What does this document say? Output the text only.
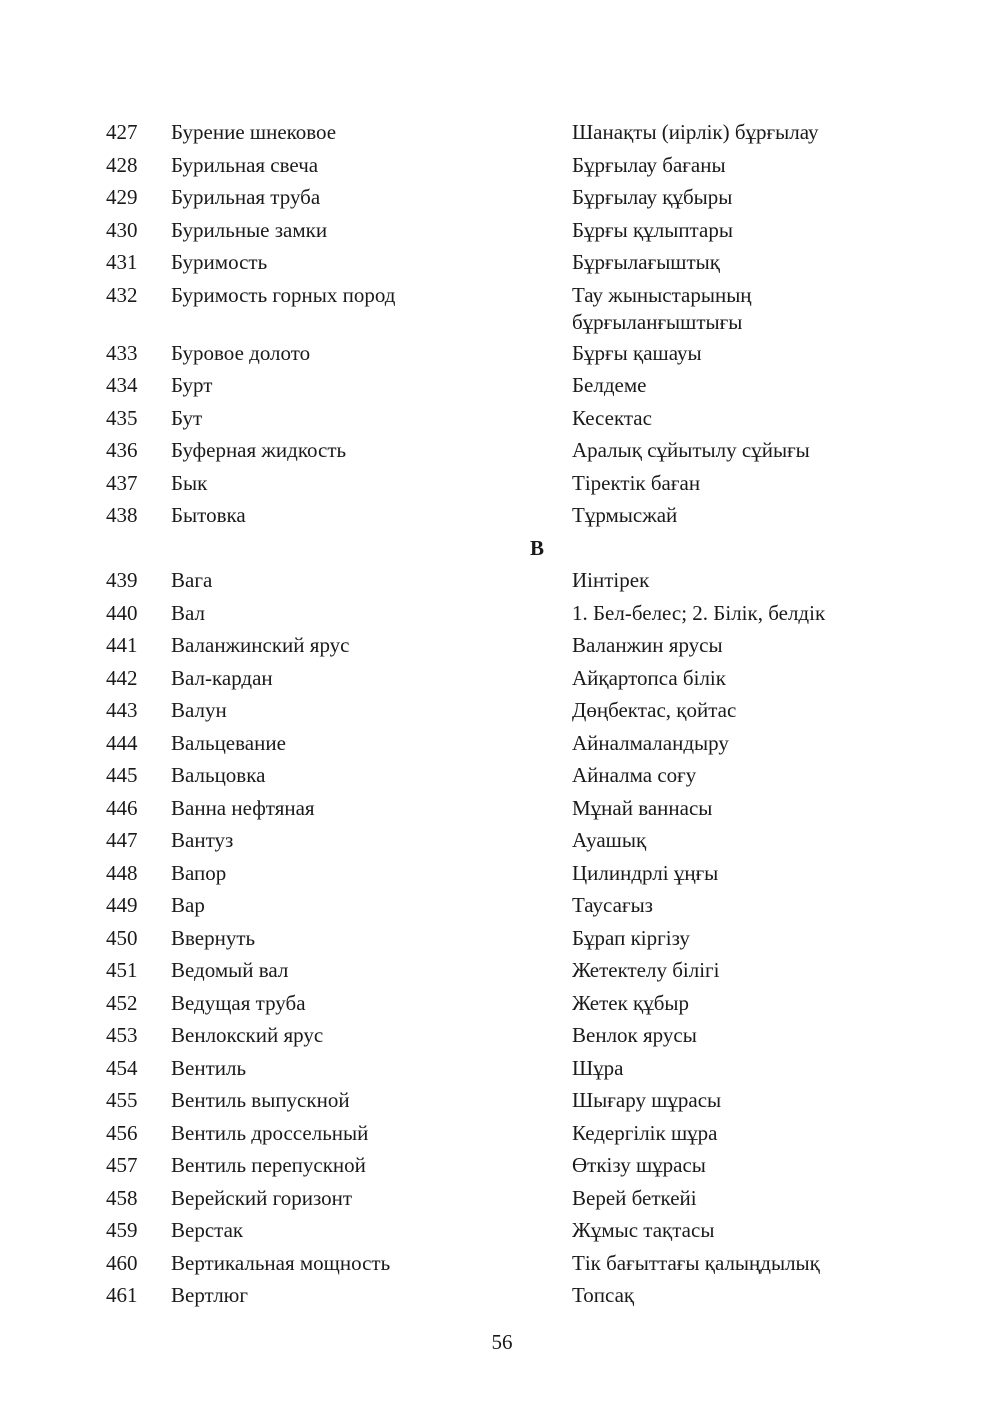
427 Бурение шнековое	Шанақты (иірлік) бұрғылау
428 Бурильная свеча	Бұрғылау бағаны
429 Бурильная труба	Бұрғылау құбыры
430 Бурильные замки	Бұрғы құлыптары
431 Буримость	Бұрғылағыштық
432 Буримость горных пород	Тау жыныстарының
бұрғыланғыштығы
433 Буровое долото	Бұрғы қашауы
434 Бурт	Белдеме
435 Бут	Кесектас
436 Буферная жидкость	Аралық сұйытылу сұйығы
437 Бык	Тіректік баған
438 Бытовка	Тұрмысжай
В
439 Вага	Иінтірек
440 Вал	1. Бел-белес; 2. Білік, белдік
441 Валанжинский ярус	Валанжин ярусы
442 Вал-кардан	Айқартопса білік
443 Валун	Дөңбектас, қойтас
444 Вальцевание	Айналмаландыру
445 Вальцовка	Айналма соғу
446 Ванна нефтяная	Мұнай ваннасы
447 Вантуз	Ауашық
448 Вапор	Цилиндрлі ұңғы
449 Вар	Таусағыз
450 Ввернуть	Бұрап кіргізу
451 Ведомый вал	Жетектелу білігі
452 Ведущая труба	Жетек құбыр
453 Венлокский ярус	Венлок ярусы
454 Вентиль	Шұра
455 Вентиль выпускной	Шығару шұрасы
456 Вентиль дроссельный	Кедергілік шұра
457 Вентиль перепускной	Өткізу шұрасы
458 Верейский горизонт	Верей беткейі
459 Верстак	Жұмыс тақтасы
460 Вертикальная мощность	Тік бағыттағы қалыңдылық
461 Вертлюг	Топсақ
56
